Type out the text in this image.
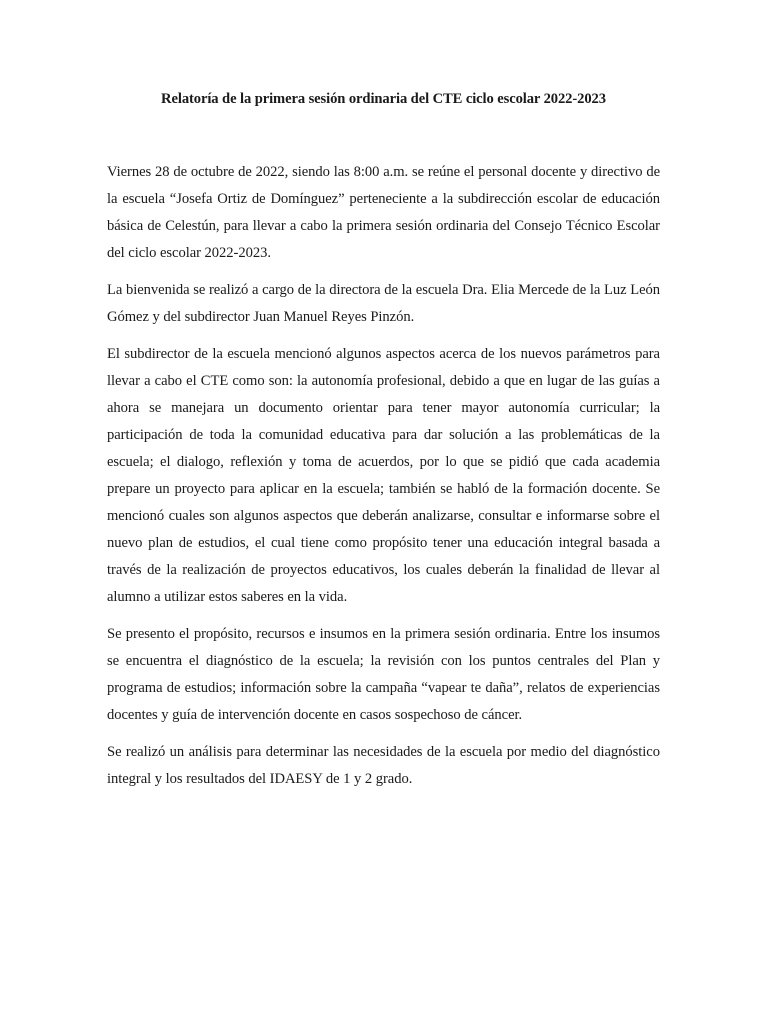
Relatoría de la primera sesión ordinaria del CTE ciclo escolar 2022-2023

Viernes 28 de octubre de 2022, siendo las 8:00 a.m. se reúne el personal docente y directivo de la escuela “Josefa Ortiz de Domínguez” perteneciente a la subdirección escolar de educación básica de Celestún, para llevar a cabo la primera sesión ordinaria del Consejo Técnico Escolar del ciclo escolar 2022-2023.

La bienvenida se realizó a cargo de la directora de la escuela Dra. Elia Mercede de la Luz León Gómez y del subdirector Juan Manuel Reyes Pinzón.

El subdirector de la escuela mencionó algunos aspectos acerca de los nuevos parámetros para llevar a cabo el CTE como son: la autonomía profesional, debido a que en lugar de las guías a ahora se manejara un documento orientar para tener mayor autonomía curricular; la participación de toda la comunidad educativa para dar solución a las problemáticas de la escuela; el dialogo, reflexión y toma de acuerdos, por lo que se pidió que cada academia prepare un proyecto para aplicar en la escuela; también se habló de la formación docente. Se mencionó cuales son algunos aspectos que deberán analizarse, consultar e informarse sobre el nuevo plan de estudios, el cual tiene como propósito tener una educación integral basada a través de la realización de proyectos educativos, los cuales deberán la finalidad de llevar al alumno a utilizar estos saberes en la vida.

Se presento el propósito, recursos e insumos en la primera sesión ordinaria. Entre los insumos se encuentra el diagnóstico de la escuela; la revisión con los puntos centrales del Plan y programa de estudios; información sobre la campaña “vapear te daña”, relatos de experiencias docentes y guía de intervención docente en casos sospechoso de cáncer.

Se realizó un análisis para determinar las necesidades de la escuela por medio del diagnóstico integral y los resultados del IDAESY de 1 y 2 grado.
